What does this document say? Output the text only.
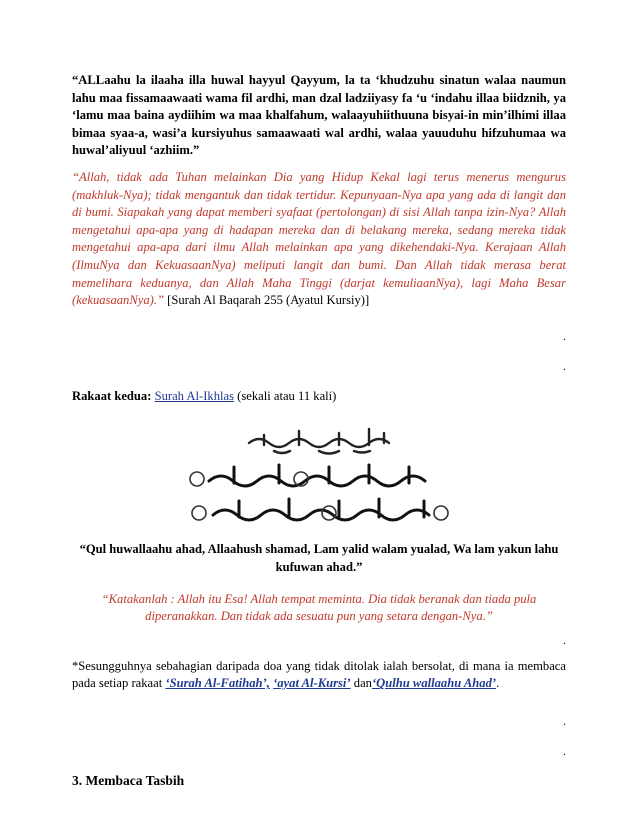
“ALLaahu la ilaaha illa huwal hayyul Qayyum, la ta ‘khudzuhu sinatun walaa naumun lahu maa fissamaawaati wama fil ardhi, man dzal ladziiyasy fa ‘u ‘indahu illaa biidznih, ya ‘lamu maa baina aydiihim wa maa khalfahum, walaayuhiithuuna bisyai-in min’ilhimi illaa bimaa syaa-a, wasi’a kursiyuhus samaawaati wal ardhi, walaa yauuduhu hifzuhumaa wa huwal’aliyuul ‘azhiim.”

“Allah, tidak ada Tuhan melainkan Dia yang Hidup Kekal lagi terus menerus mengurus (makhluk-Nya); tidak mengantuk dan tidak tertidur. Kepunyaan-Nya apa yang ada di langit dan di bumi. Siapakah yang dapat memberi syafaat (pertolongan) di sisi Allah tanpa izin-Nya? Allah mengetahui apa-apa yang di hadapan mereka dan di belakang mereka, sedang mereka tidak mengetahui apa-apa dari ilmu Allah melainkan apa yang dikehendaki-Nya. Kerajaan Allah (IlmuNya dan KekuasaanNya) meliputi langit dan bumi. Dan Allah tidak merasa berat memelihara keduanya, dan Allah Maha Tinggi (darjat kemuliaanNya), lagi Maha Besar (kekuasaanNya).” [Surah Al Baqarah 255 (Ayatul Kursiy)]

.
.

Rakaat kedua: Surah Al-Ikhlas (sekali atau 11 kali)

“Qul huwallaahu ahad, Allaahush shamad, Lam yalid walam yualad, Wa lam yakun lahu kufuwan ahad.”

“Katakanlah : Allah itu Esa! Allah tempat meminta. Dia tidak beranak dan tiada pula diperanakkan. Dan tidak ada sesuatu pun yang setara dengan-Nya.”

.

*Sesungguhnya sebahagian daripada doa yang tidak ditolak ialah bersolat, di mana ia membaca pada setiap rakaat ‘Surah Al-Fatihah’, ‘ayat Al-Kursi’ dan‘Qulhu wallaahu Ahad’.

.
.
3. Membaca Tasbih
